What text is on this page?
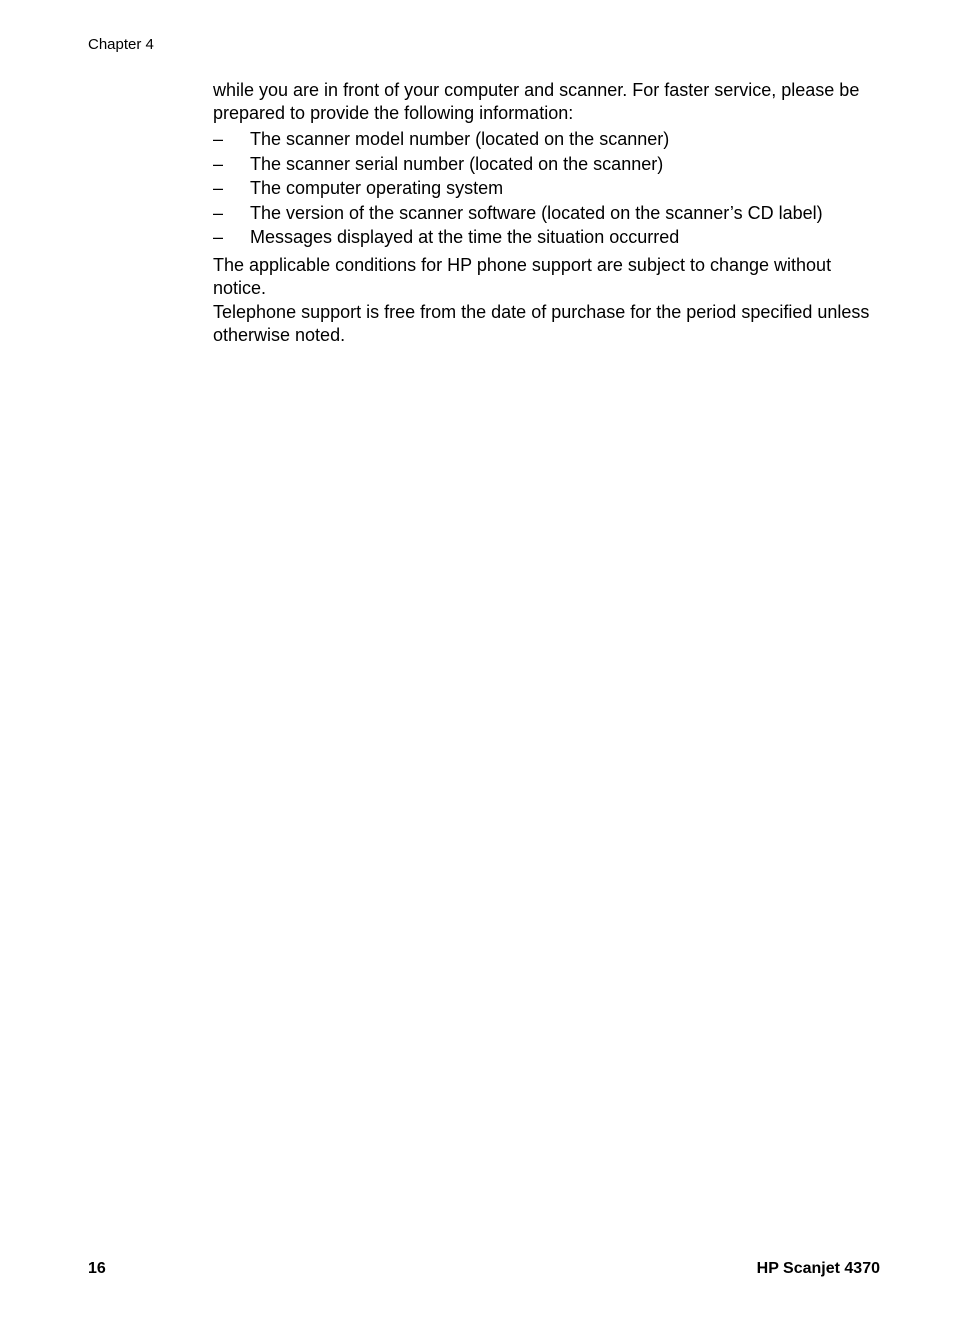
Chapter 4

while you are in front of your computer and scanner. For faster service, please be prepared to provide the following information:

– The scanner model number (located on the scanner)
– The scanner serial number (located on the scanner)
– The computer operating system
– The version of the scanner software (located on the scanner’s CD label)
– Messages displayed at the time the situation occurred

The applicable conditions for HP phone support are subject to change without notice.

Telephone support is free from the date of purchase for the period specified unless otherwise noted.

16	HP Scanjet 4370
